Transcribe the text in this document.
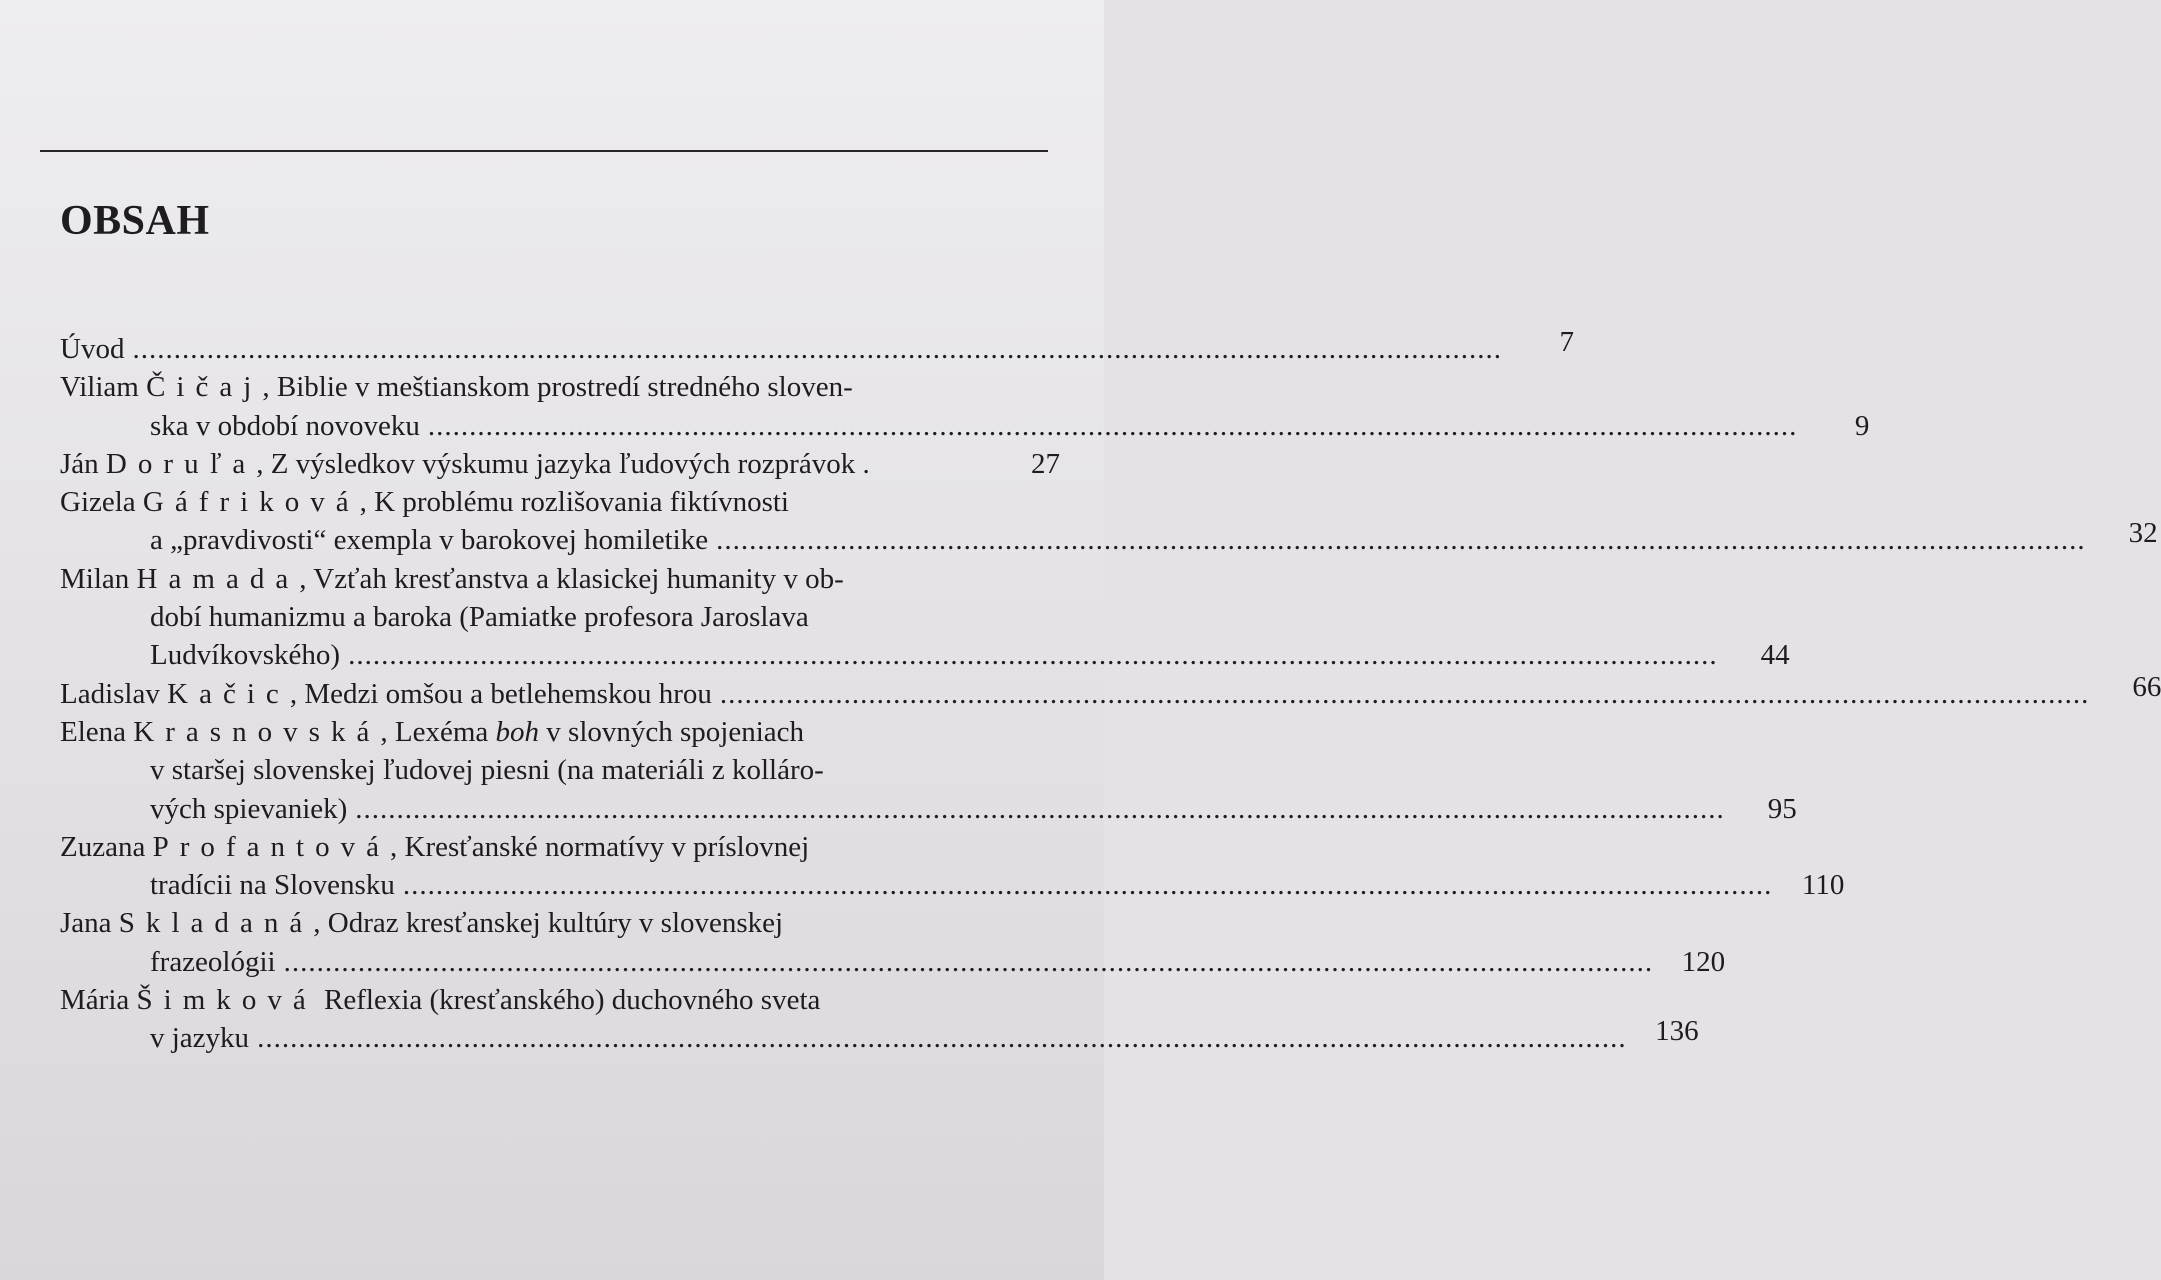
OBSAH
Úvod .....	7
Viliam Čičaj, Biblie v meštianskom prostredí stredného sloven-
ska v období novoveku .....	9
Ján Doruľa, Z výsledkov výskumu jazyka ľudových rozprávok .	27
Gizela Gáfriková, K problému rozlišovania fiktívnosti
a „pravdivosti“ exempla v barokovej homiletike .....	32
Milan Hamada, Vzťah kresťanstva a klasickej humanity v ob-
dobí humanizmu a baroka (Pamiatke profesora Jaroslava
Ludvíkovského) .....	44
Ladislav Kačic, Medzi omšou a betlehemskou hrou .....	66
Elena Krasnovská, Lexéma boh v slovných spojeniach
v staršej slovenskej ľudovej piesni (na materiáli z kolláro-
vých spievaniek) .....	95
Zuzana Profantová, Kresťanské normatívy v príslovnej
tradícii na Slovensku .....	110
Jana Skladaná, Odraz kresťanskej kultúry v slovenskej
frazeológii .....	120
Mária Šimková Reflexia (kresťanského) duchovného sveta
v jazyku .....	136
